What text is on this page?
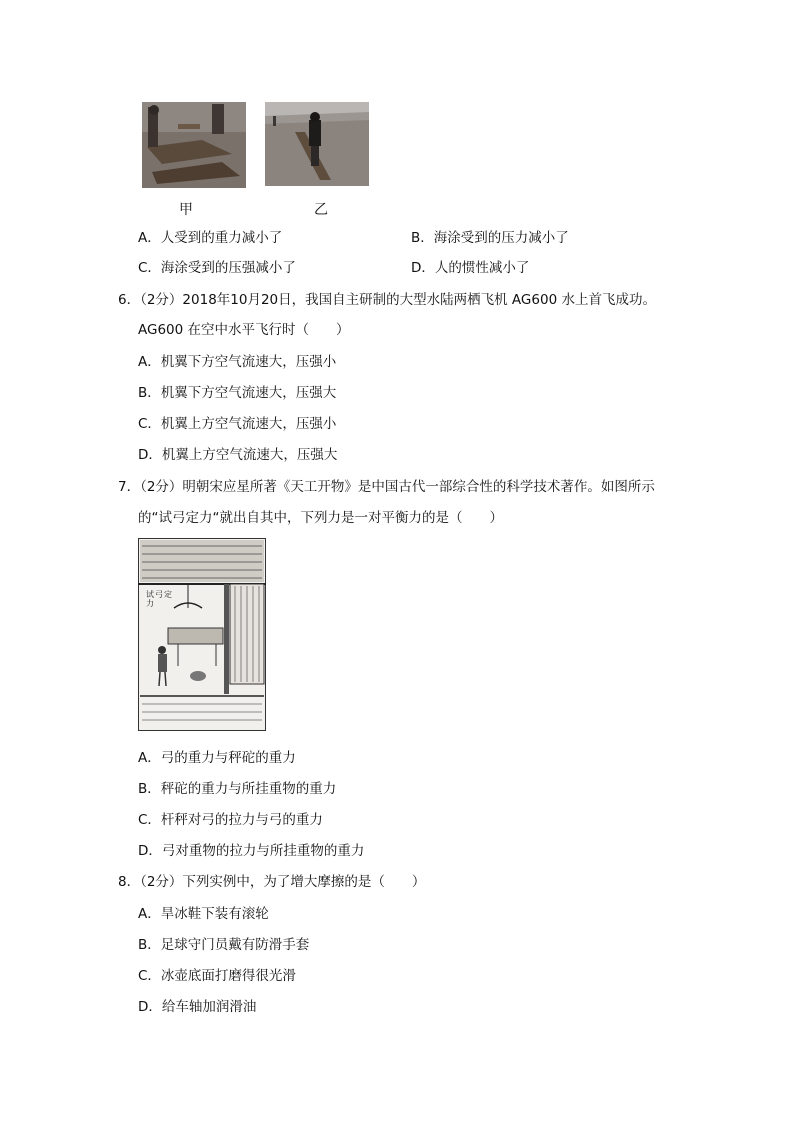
甲	乙
A．人受到的重力减小了	B．海涂受到的压力减小了
C．海涂受到的压强减小了	D．人的惯性减小了
6．（2分）2018年10月20日，我国自主研制的大型水陆两栖飞机 AG600 水上首飞成功。
AG600 在空中水平飞行时（　　）
A．机翼下方空气流速大，压强小
B．机翼下方空气流速大，压强大
C．机翼上方空气流速大，压强小
D．机翼上方空气流速大，压强大
7．（2分）明朝宋应星所著《天工开物》是中国古代一部综合性的科学技术著作。如图所示
的“试弓定力“就出自其中，下列力是一对平衡力的是（　　）
试弓定力
A．弓的重力与秤砣的重力
B．秤砣的重力与所挂重物的重力
C．杆秤对弓的拉力与弓的重力
D．弓对重物的拉力与所挂重物的重力
8．（2分）下列实例中，为了增大摩擦的是（　　）
A．旱冰鞋下装有滚轮
B．足球守门员戴有防滑手套
C．冰壶底面打磨得很光滑
D．给车轴加润滑油
